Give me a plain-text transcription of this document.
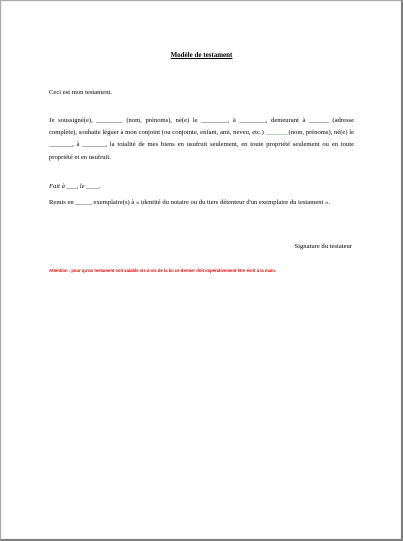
Modèle de testament
Ceci est mon testament.
Je soussigné(e), ________ (nom, prénoms), né(e) le ________, à ________, demeurant à ______ (adresse complète), souhaite léguer à mon conjoint (ou conjointe, enfant, ami, neveu, etc.) _______(nom, prénoms), né(e) le _______, à _______, la totalité de mes biens en usufruit seulement, en toute propriété seulement ou en toute propriété et en usufruit.
Fait à ___, le ____.
Remis en _____ exemplaire(s) à « identité du notaire ou du tiers détenteur d'un exemplaire du testament ».
Signature du testateur
Attention : pour qu'un testament soit valable vis-à-vis de la loi ce dernier doit impérativement être écrit à la main.
